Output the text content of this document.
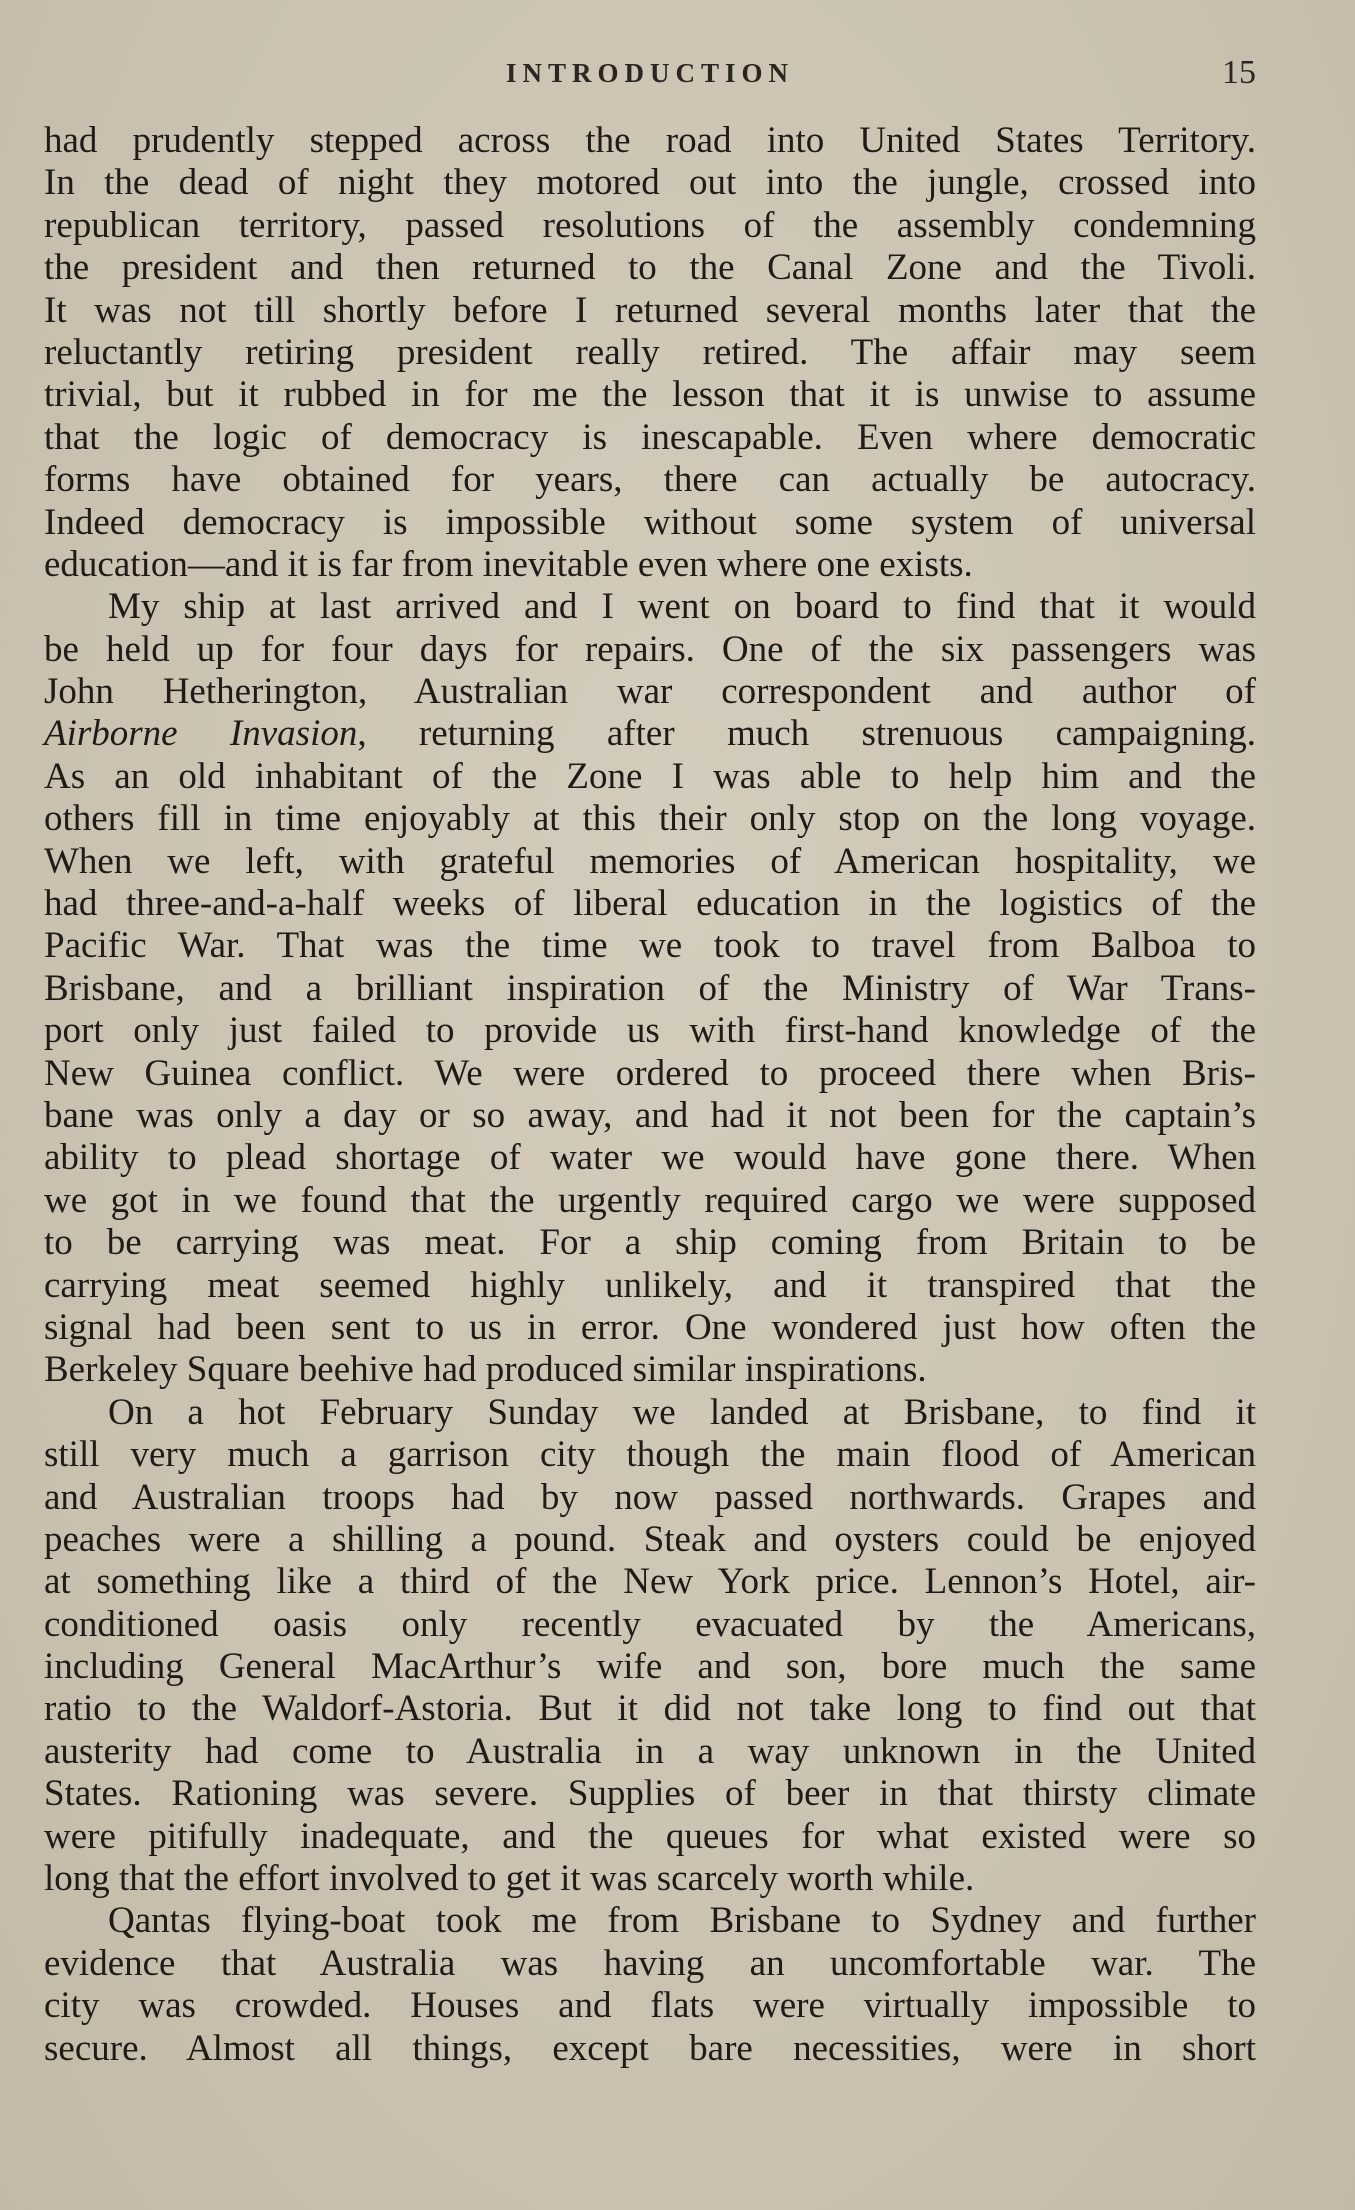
INTRODUCTION	15
had prudently stepped across the road into United States Territory.
In the dead of night they motored out into the jungle, crossed into
republican territory, passed resolutions of the assembly condemning
the president and then returned to the Canal Zone and the Tivoli.
It was not till shortly before I returned several months later that the
reluctantly retiring president really retired. The affair may seem
trivial, but it rubbed in for me the lesson that it is unwise to assume
that the logic of democracy is inescapable. Even where democratic
forms have obtained for years, there can actually be autocracy.
Indeed democracy is impossible without some system of universal
education—and it is far from inevitable even where one exists.
My ship at last arrived and I went on board to find that it would
be held up for four days for repairs. One of the six passengers was
John Hetherington, Australian war correspondent and author of
Airborne Invasion, returning after much strenuous campaigning.
As an old inhabitant of the Zone I was able to help him and the
others fill in time enjoyably at this their only stop on the long voyage.
When we left, with grateful memories of American hospitality, we
had three-and-a-half weeks of liberal education in the logistics of the
Pacific War. That was the time we took to travel from Balboa to
Brisbane, and a brilliant inspiration of the Ministry of War Trans-
port only just failed to provide us with first-hand knowledge of the
New Guinea conflict. We were ordered to proceed there when Bris-
bane was only a day or so away, and had it not been for the captain’s
ability to plead shortage of water we would have gone there. When
we got in we found that the urgently required cargo we were supposed
to be carrying was meat. For a ship coming from Britain to be
carrying meat seemed highly unlikely, and it transpired that the
signal had been sent to us in error. One wondered just how often the
Berkeley Square beehive had produced similar inspirations.
On a hot February Sunday we landed at Brisbane, to find it
still very much a garrison city though the main flood of American
and Australian troops had by now passed northwards. Grapes and
peaches were a shilling a pound. Steak and oysters could be enjoyed
at something like a third of the New York price. Lennon’s Hotel, air-
conditioned oasis only recently evacuated by the Americans,
including General MacArthur’s wife and son, bore much the same
ratio to the Waldorf-Astoria. But it did not take long to find out that
austerity had come to Australia in a way unknown in the United
States. Rationing was severe. Supplies of beer in that thirsty climate
were pitifully inadequate, and the queues for what existed were so
long that the effort involved to get it was scarcely worth while.
Qantas flying-boat took me from Brisbane to Sydney and further
evidence that Australia was having an uncomfortable war. The
city was crowded. Houses and flats were virtually impossible to
secure. Almost all things, except bare necessities, were in short
